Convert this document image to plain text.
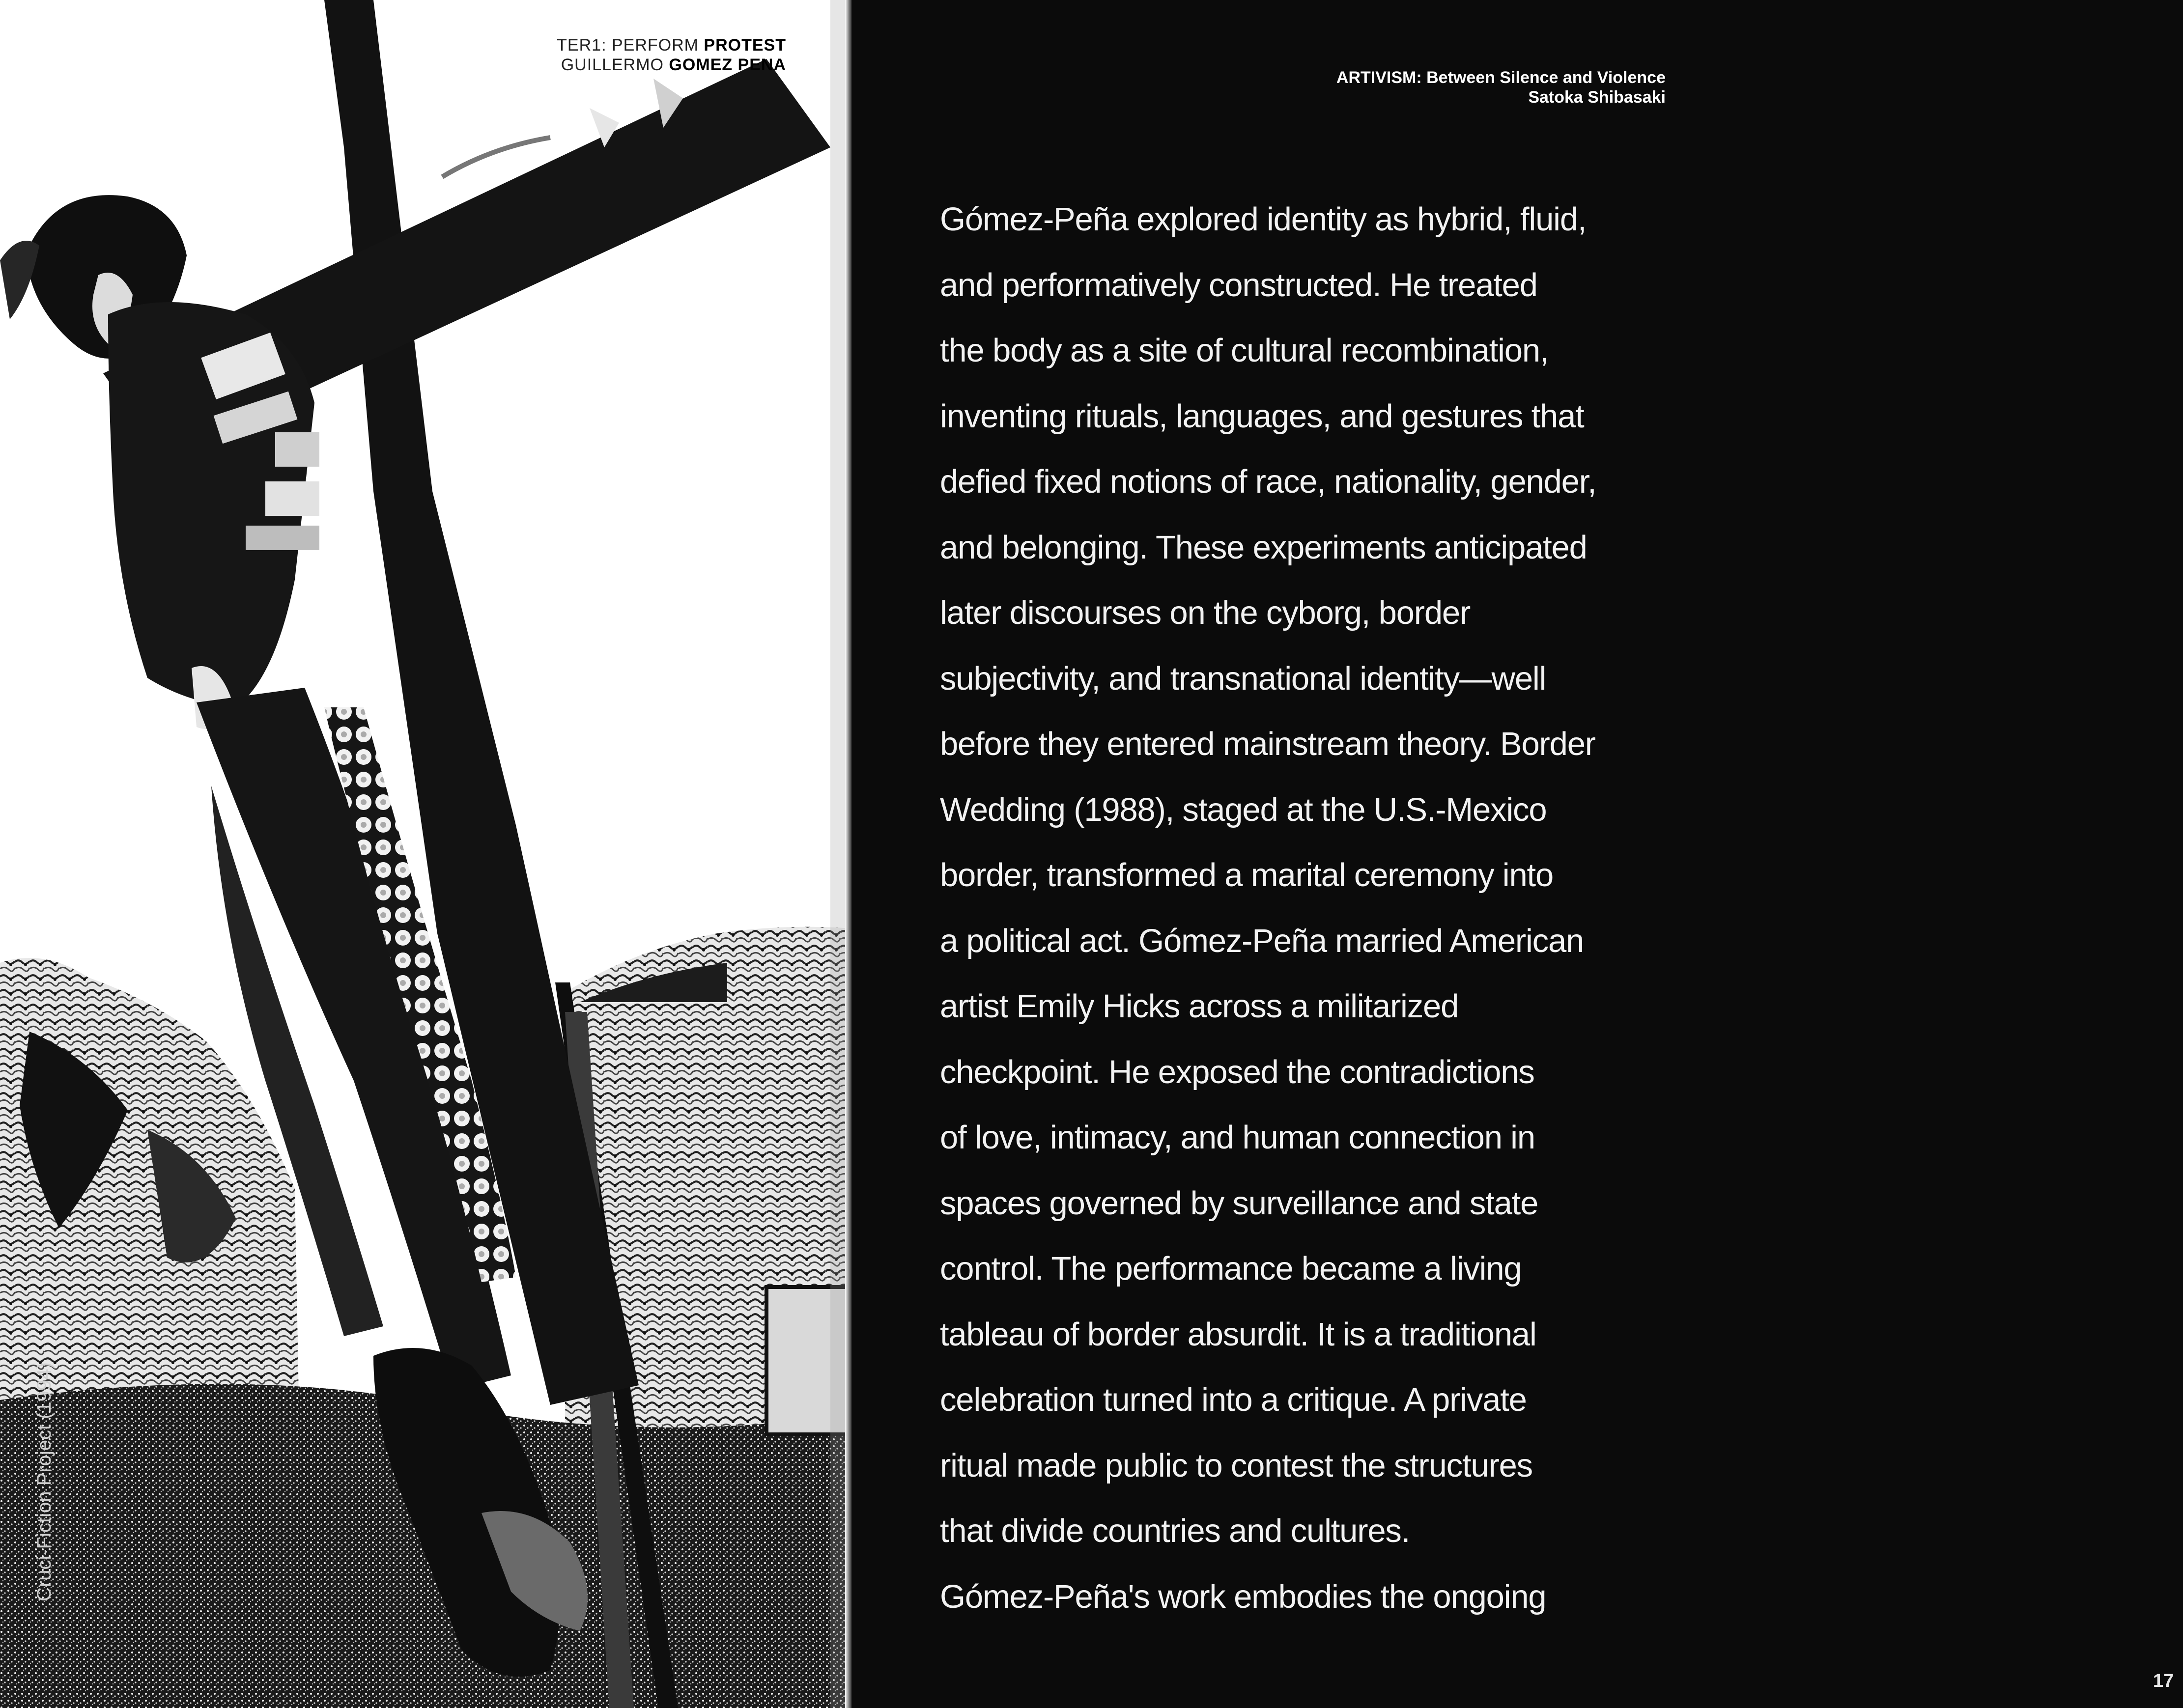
TER1: PERFORM PROTEST
GUILLERMO GOMEZ PENA
Cruci-Fiction Project (1994)
ARTIVISM: Between Silence and Violence
Satoka Shibasaki
Gómez-Peña explored identity as hybrid, fluid,
and performatively constructed. He treated
the body as a site of cultural recombination,
inventing rituals, languages, and gestures that
defied fixed notions of race, nationality, gender,
and belonging. These experiments anticipated
later discourses on the cyborg, border
subjectivity, and transnational identity—well
before they entered mainstream theory. Border
Wedding (1988), staged at the U.S.-Mexico
border, transformed a marital ceremony into
a political act. Gómez-Peña married American
artist Emily Hicks across a militarized
checkpoint. He exposed the contradictions
of love, intimacy, and human connection in
spaces governed by surveillance and state
control. The performance became a living
tableau of border absurdit. It is a traditional
celebration turned into a critique. A private
ritual made public to contest the structures
that divide countries and cultures.
Gómez-Peña's work embodies the ongoing
17
